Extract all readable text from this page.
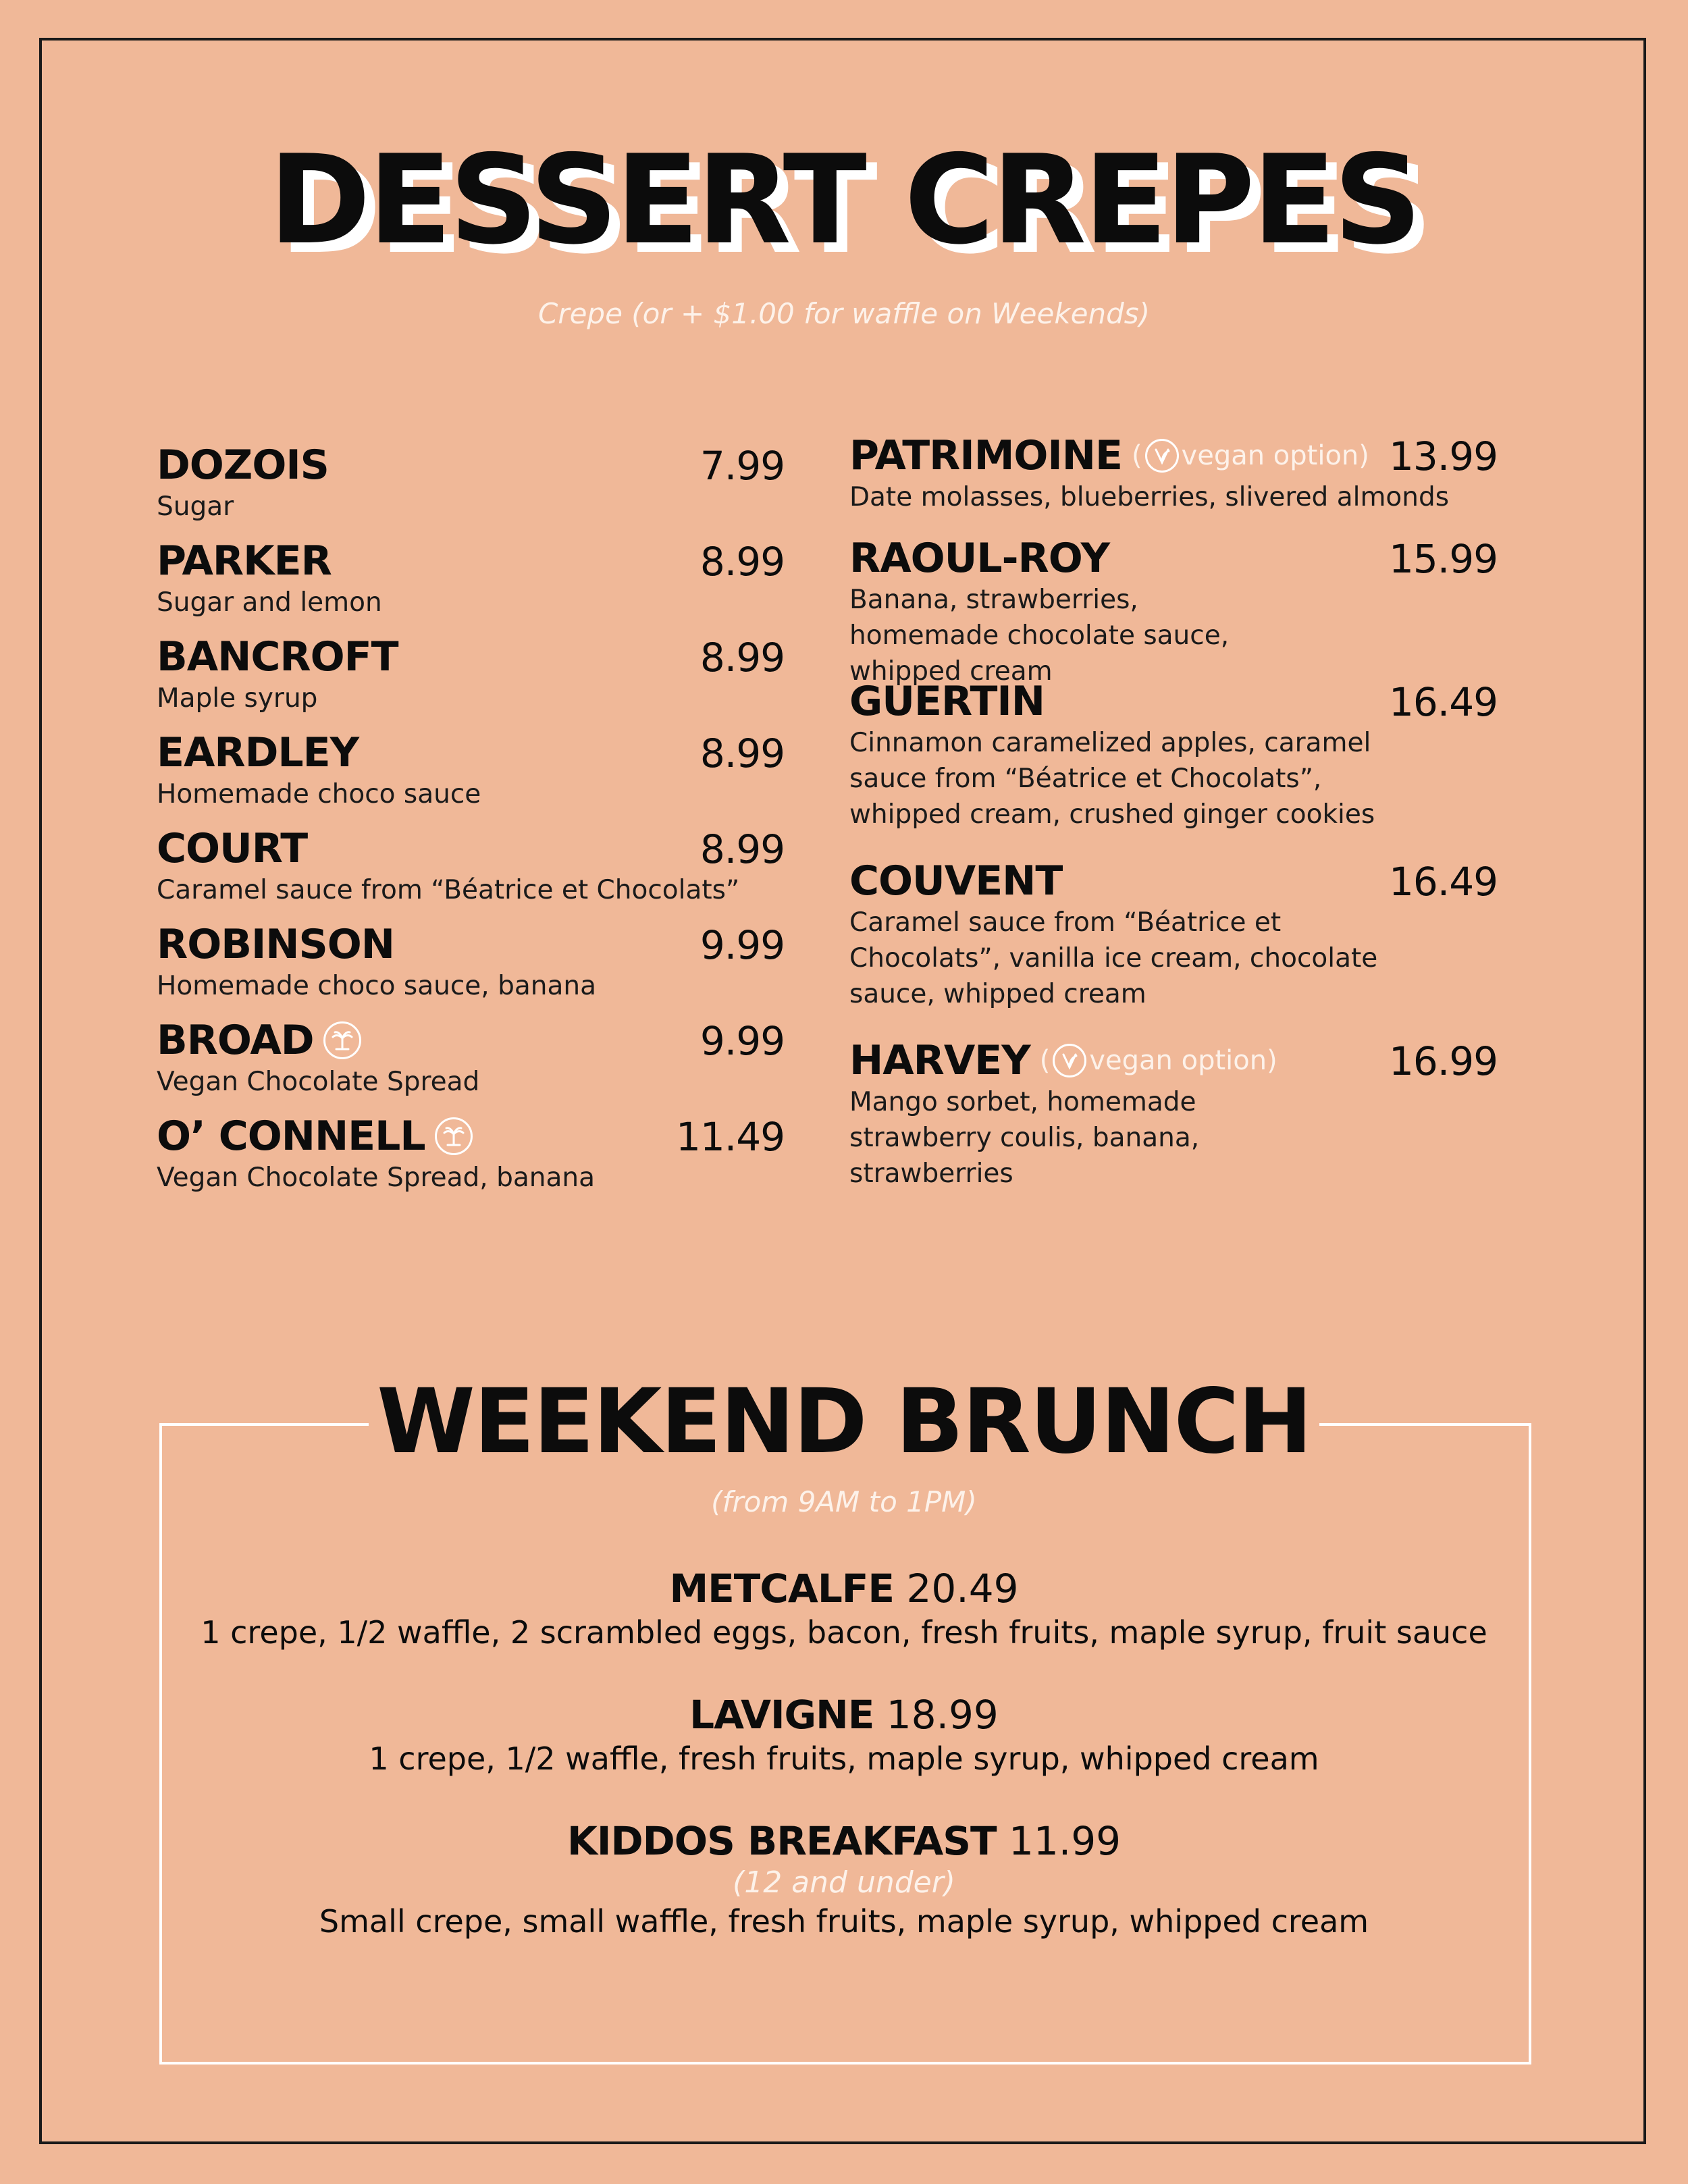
DESSERT CREPES
Crepe (or + $1.00 for waffle on Weekends)
DOZOIS	7.99
Sugar
PARKER	8.99
Sugar and lemon
BANCROFT	8.99
Maple syrup
EARDLEY	8.99
Homemade choco sauce
COURT	8.99
Caramel sauce from “Béatrice et Chocolats”
ROBINSON	9.99
Homemade choco sauce, banana
BROAD	9.99
Vegan Chocolate Spread
O’ CONNELL	11.49
Vegan Chocolate Spread, banana
PATRIMOINE ( vegan option ) 13.99
Date molasses, blueberries, slivered almonds
RAOUL-ROY	15.99
Banana, strawberries, homemade chocolate sauce, whipped cream
GUERTIN	16.49
Cinnamon caramelized apples, caramel sauce from “Béatrice et Chocolats”, whipped cream, crushed ginger cookies
COUVENT	16.49
Caramel sauce from “Béatrice et Chocolats”, vanilla ice cream, chocolate sauce, whipped cream
HARVEY ( vegan option )	16.99
Mango sorbet, homemade strawberry coulis, banana, strawberries
WEEKEND BRUNCH
(from 9AM to 1PM)
METCALFE 20.49
1 crepe, 1/2 waffle, 2 scrambled eggs, bacon, fresh fruits, maple syrup, fruit sauce
LAVIGNE 18.99
1 crepe, 1/2 waffle, fresh fruits, maple syrup, whipped cream
KIDDOS BREAKFAST 11.99
(12 and under)
Small crepe, small waffle, fresh fruits, maple syrup, whipped cream
